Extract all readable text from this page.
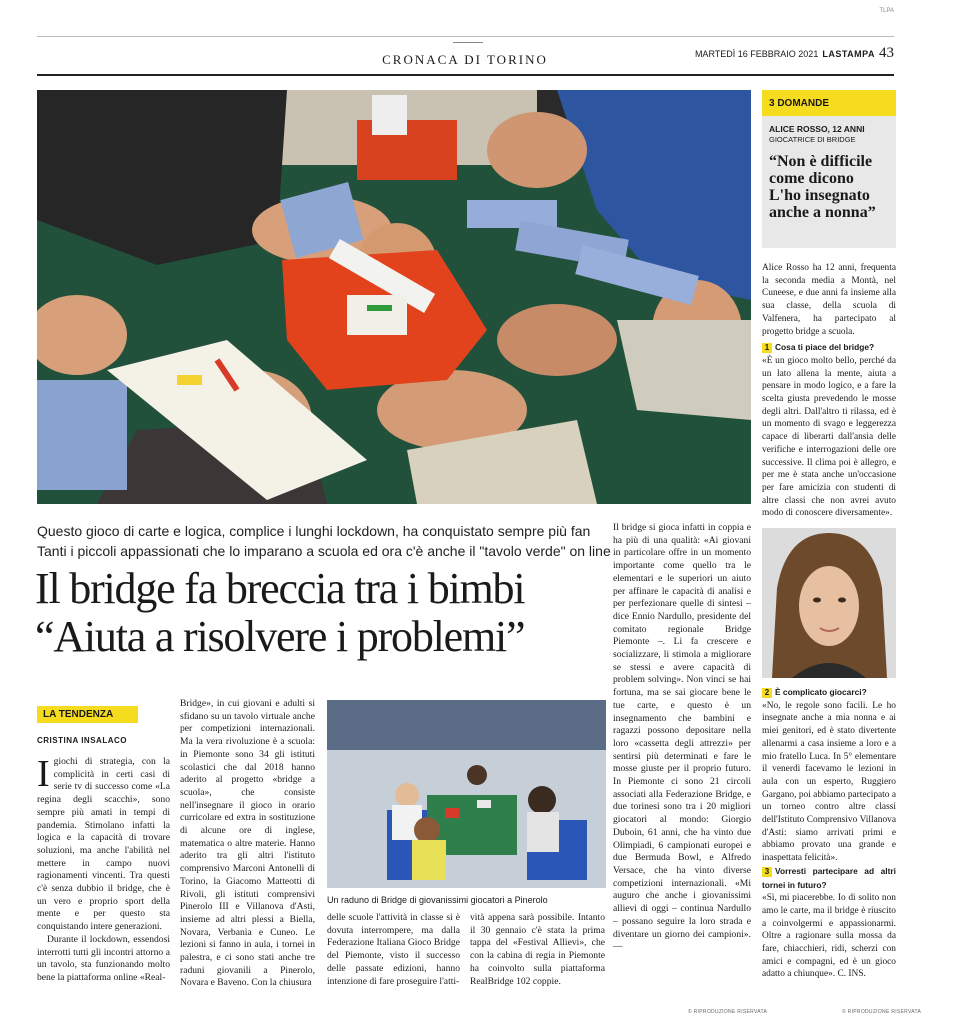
TLPA
CRONACA DI TORINO	MARTEDÌ 16 FEBBRAIO 2021 LASTAMPA 43
3 DOMANDE
ALICE ROSSO, 12 ANNI
GIOCATRICE DI BRIDGE
“Non è difficile come dicono L'ho insegnato anche a nonna”

Alice Rosso ha 12 anni, frequenta la seconda media a Montà, nel Cuneese, e due anni fa insieme alla sua classe, della scuola di Valfenera, ha partecipato al progetto bridge a scuola.

1 Cosa ti piace del bridge?

«È un gioco molto bello, perché da un lato allena la mente, aiuta a pensare in modo logico, e a fare la scelta giusta prevedendo le mosse degli altri. Dall'altro ti rilassa, ed è un momento di svago e leggerezza capace di liberarti dall'ansia delle verifiche e interrogazioni delle ore successive. Il clima poi è allegro, e per me è stata anche un'occasione per fare amicizia con studenti di altre classi che non avrei avuto modo di conoscere diversamente».

2 È complicato giocarci?

«No, le regole sono facili. Le ho insegnate anche a mia nonna e ai miei genitori, ed è stato divertente allenarmi a casa insieme a loro e a mio fratello Luca. In 5° elementare il venerdì facevamo le lezioni in aula con un esperto, Ruggiero Gargano, poi abbiamo partecipato a un torneo contro altre classi dell'Istituto Comprensivo Villanova d'Asti: siamo arrivati primi e abbiamo provato una grande e inaspettata felicità».

3 Vorresti partecipare ad altri tornei in futuro?

«Sì, mi piacerebbe. Io di solito non amo le carte, ma il bridge è riuscito a coinvolgermi e appassionarmi. Oltre a ragionare sulla mossa da fare, chiacchieri, ridi, scherzi con amici e compagni, ed è un gioco adatto a chiunque». C. INS.

© RIPRODUZIONE RISERVATA
Questo gioco di carte e logica, complice i lunghi lockdown, ha conquistato sempre più fan
Tanti i piccoli appassionati che lo imparano a scuola ed ora c'è anche il "tavolo verde" on line
Il bridge fa breccia tra i bimbi
“Aiuta a risolvere i problemi”
LA TENDENZA
CRISTINA INSALACO
Igiochi di strategia, con la complicità in certi casi di serie tv di successo come «La regina degli scacchi», sono sempre più amati in tempi di pandemia. Stimolano infatti la logica e la capacità di trovare soluzioni, ma anche l'abilità nel mettere in campo nuovi ragionamenti vincenti. Tra questi c'è senza dubbio il bridge, che è un vero e proprio sport della mente e per questo sta conquistando intere generazioni.

Durante il lockdown, essendosi interrotti tutti gli incontri attorno a un tavolo, sta funzionando molto bene la piattaforma online «Real-

Bridge», in cui giovani e adulti si sfidano su un tavolo virtuale anche per competizioni internazionali. Ma la vera rivoluzione è a scuola: in Piemonte sono 34 gli istituti scolastici che dal 2018 hanno aderito al progetto «bridge a scuola», che consiste nell'insegnare il gioco in orario curricolare ed extra in sostituzione di alcune ore di inglese, matematica o altre materie. Hanno aderito tra gli altri l'istituto comprensivo Marconi Antonelli di Torino, la Giacomo Matteotti di Rivoli, gli istituti comprensivi Pinerolo III e Villanova d'Asti, insieme ad altri plessi a Biella, Novara, Verbania e Cuneo. Le lezioni si fanno in aula, i tornei in palestra, e ci sono stati anche tre raduni giovanili a Pinerolo, Novara e Baveno. Con la chiusura
Un raduno di Bridge di giovanissimi giocatori a Pinerolo
delle scuole l'attività in classe si è dovuta interrompere, ma dalla Federazione Italiana Gioco Bridge del Piemonte, visto il successo delle passate edizioni, hanno intenzione di fare proseguire l'atti-
vità appena sarà possibile. Intanto il 30 gennaio c'è stata la prima tappa del «Festival Allievi», che con la cabina di regia in Piemonte ha coinvolto sulla piattaforma RealBridge 102 coppie.
Il bridge si gioca infatti in coppia e ha più di una qualità: «Ai giovani in particolare offre in un momento importante come quello tra le elementari e le superiori un aiuto per affinare le capacità di analisi e per perfezionare quelle di sintesi – dice Ennio Nardullo, presidente del comitato regionale Bridge Piemonte –. Li fa crescere e socializzare, li stimola a migliorare se stessi e avere capacità di problem solving». Non vinci se hai fortuna, ma se sai giocare bene le tue carte, e questo è un insegnamento che bambini e ragazzi possono depositare nella loro «cassetta degli attrezzi» per sentirsi più determinati e fare le mosse giuste per il proprio futuro. In Piemonte ci sono 21 circoli associati alla Federazione Bridge, e due torinesi sono tra i 20 migliori giocatori al mondo: Giorgio Duboin, 61 anni, che ha vinto due Olimpiadi, 6 campionati europei e due Bermuda Bowl, e Alfredo Versace, che ha vinto diverse competizioni internazionali. «Mi auguro che anche i giovanissimi allievi di oggi – continua Nardullo – possano seguire la loro strada e diventare un giorno dei campioni». —
© RIPRODUZIONE RISERVATA
